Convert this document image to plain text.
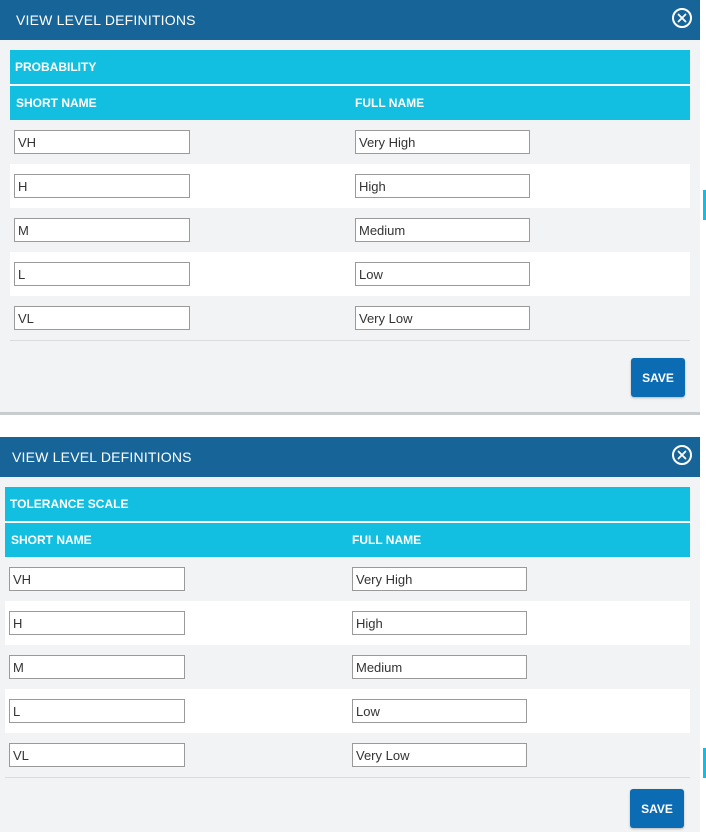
VIEW LEVEL DEFINITIONS
PROBABILITY
SHORT NAME	FULL NAME
VH
Very High
H
High
M
Medium
L
Low
VL
Very Low
SAVE
VIEW LEVEL DEFINITIONS
TOLERANCE SCALE
SHORT NAME	FULL NAME
VH
Very High
H
High
M
Medium
L
Low
VL
Very Low
SAVE
